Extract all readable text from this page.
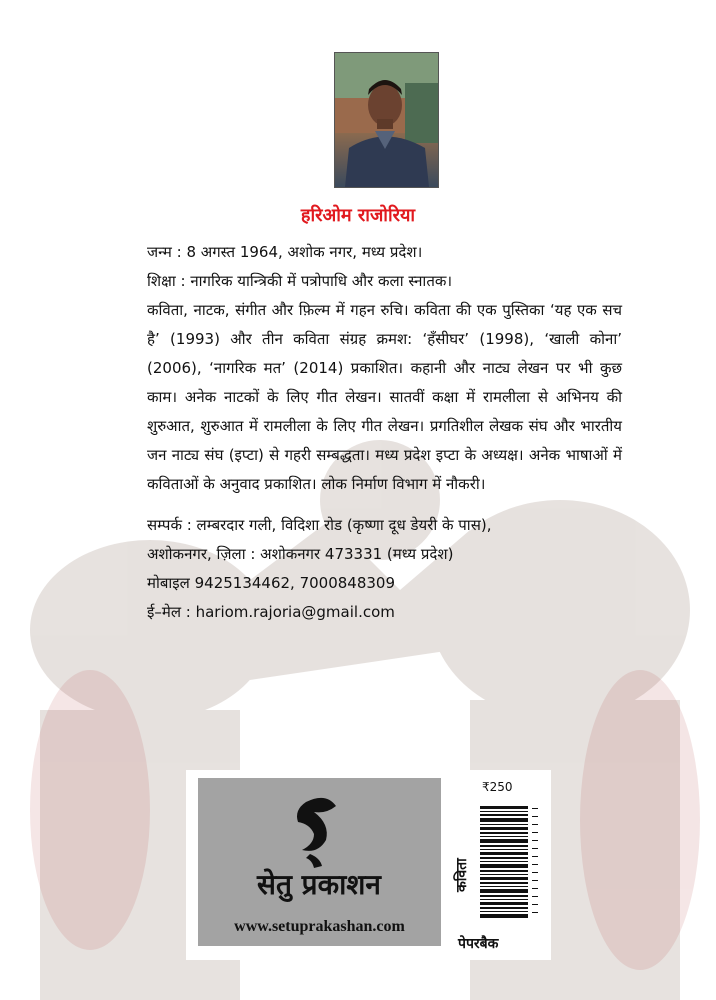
हरिओम राजोरिया

जन्म : 8 अगस्त 1964, अशोक नगर, मध्य प्रदेश।

शिक्षा : नागरिक यान्त्रिकी में पत्रोपाधि और कला स्नातक।

कविता, नाटक, संगीत और फ़िल्म में गहन रुचि। कविता की एक पुस्तिका ‘यह एक सच है’ (1993) और तीन कविता संग्रह क्रमश: ‘हँसीघर’ (1998), ‘खाली कोना’ (2006), ‘नागरिक मत’ (2014) प्रकाशित। कहानी और नाट्य लेखन पर भी कुछ काम। अनेक नाटकों के लिए गीत लेखन। सातवीं कक्षा में रामलीला से अभिनय की शुरुआत, शुरुआत में रामलीला के लिए गीत लेखन। प्रगतिशील लेखक संघ और भारतीय जन नाट्य संघ (इप्टा) से गहरी सम्बद्धता। मध्य प्रदेश इप्टा के अध्यक्ष। अनेक भाषाओं में कविताओं के अनुवाद प्रकाशित। लोक निर्माण विभाग में नौकरी।

सम्पर्क : लम्बरदार गली, विदिशा रोड (कृष्णा दूध डेयरी के पास),

अशोकनगर, ज़िला : अशोकनगर 473331 (मध्य प्रदेश)

मोबाइल 9425134462, 7000848309

ई–मेल : hariom.rajoria@gmail.com

सेतु प्रकाशन
www.setuprakashan.com
₹250
कविता
पेपरबैक
